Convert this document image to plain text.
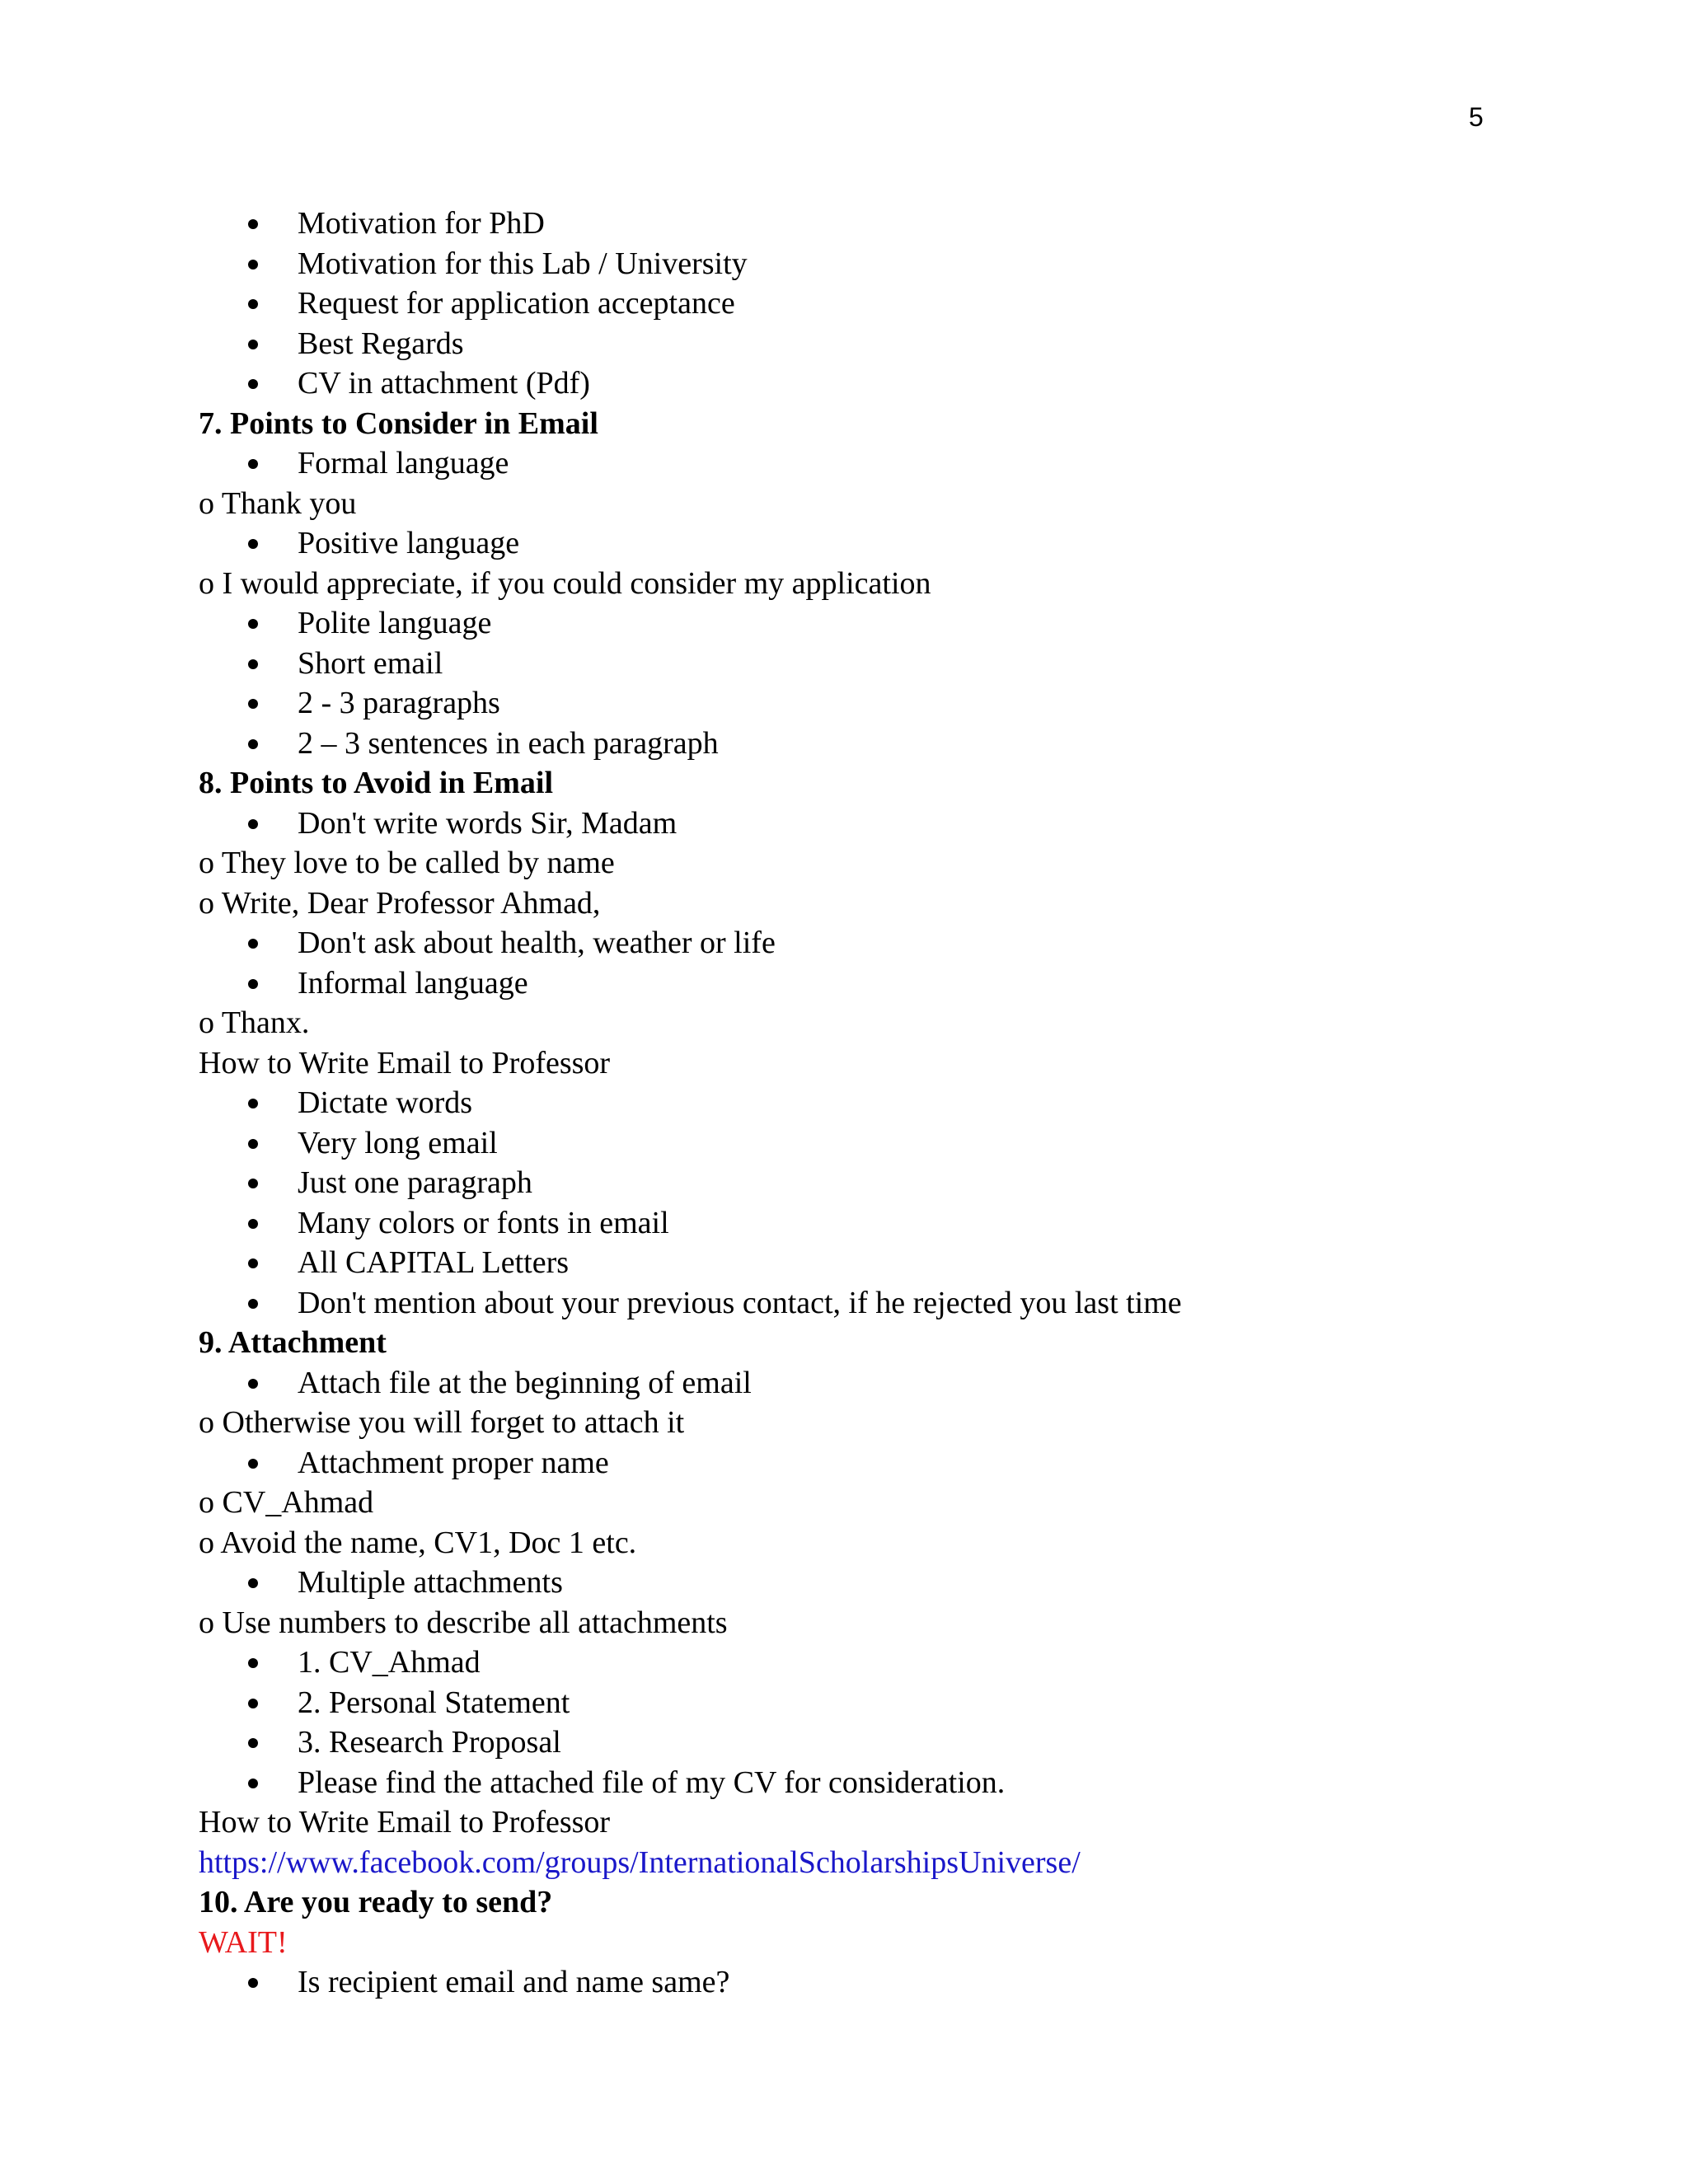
5
Motivation for PhD
Motivation for this Lab / University
Request for application acceptance
Best Regards
CV in attachment (Pdf)
7. Points to Consider in Email
Formal language
o Thank you
Positive language
o I would appreciate, if you could consider my application
Polite language
Short email
2 - 3 paragraphs
2 – 3 sentences in each paragraph
8. Points to Avoid in Email
Don't write words Sir, Madam
o They love to be called by name
o Write, Dear Professor Ahmad,
Don't ask about health, weather or life
Informal language
o Thanx.
How to Write Email to Professor
Dictate words
Very long email
Just one paragraph
Many colors or fonts in email
All CAPITAL Letters
Don't mention about your previous contact, if he rejected you last time
9. Attachment
Attach file at the beginning of email
o Otherwise you will forget to attach it
Attachment proper name
o CV_Ahmad
o Avoid the name, CV1, Doc 1 etc.
Multiple attachments
o Use numbers to describe all attachments
1. CV_Ahmad
2. Personal Statement
3. Research Proposal
Please find the attached file of my CV for consideration.
How to Write Email to Professor
https://www.facebook.com/groups/InternationalScholarshipsUniverse/
10. Are you ready to send?
WAIT!
Is recipient email and name same?
